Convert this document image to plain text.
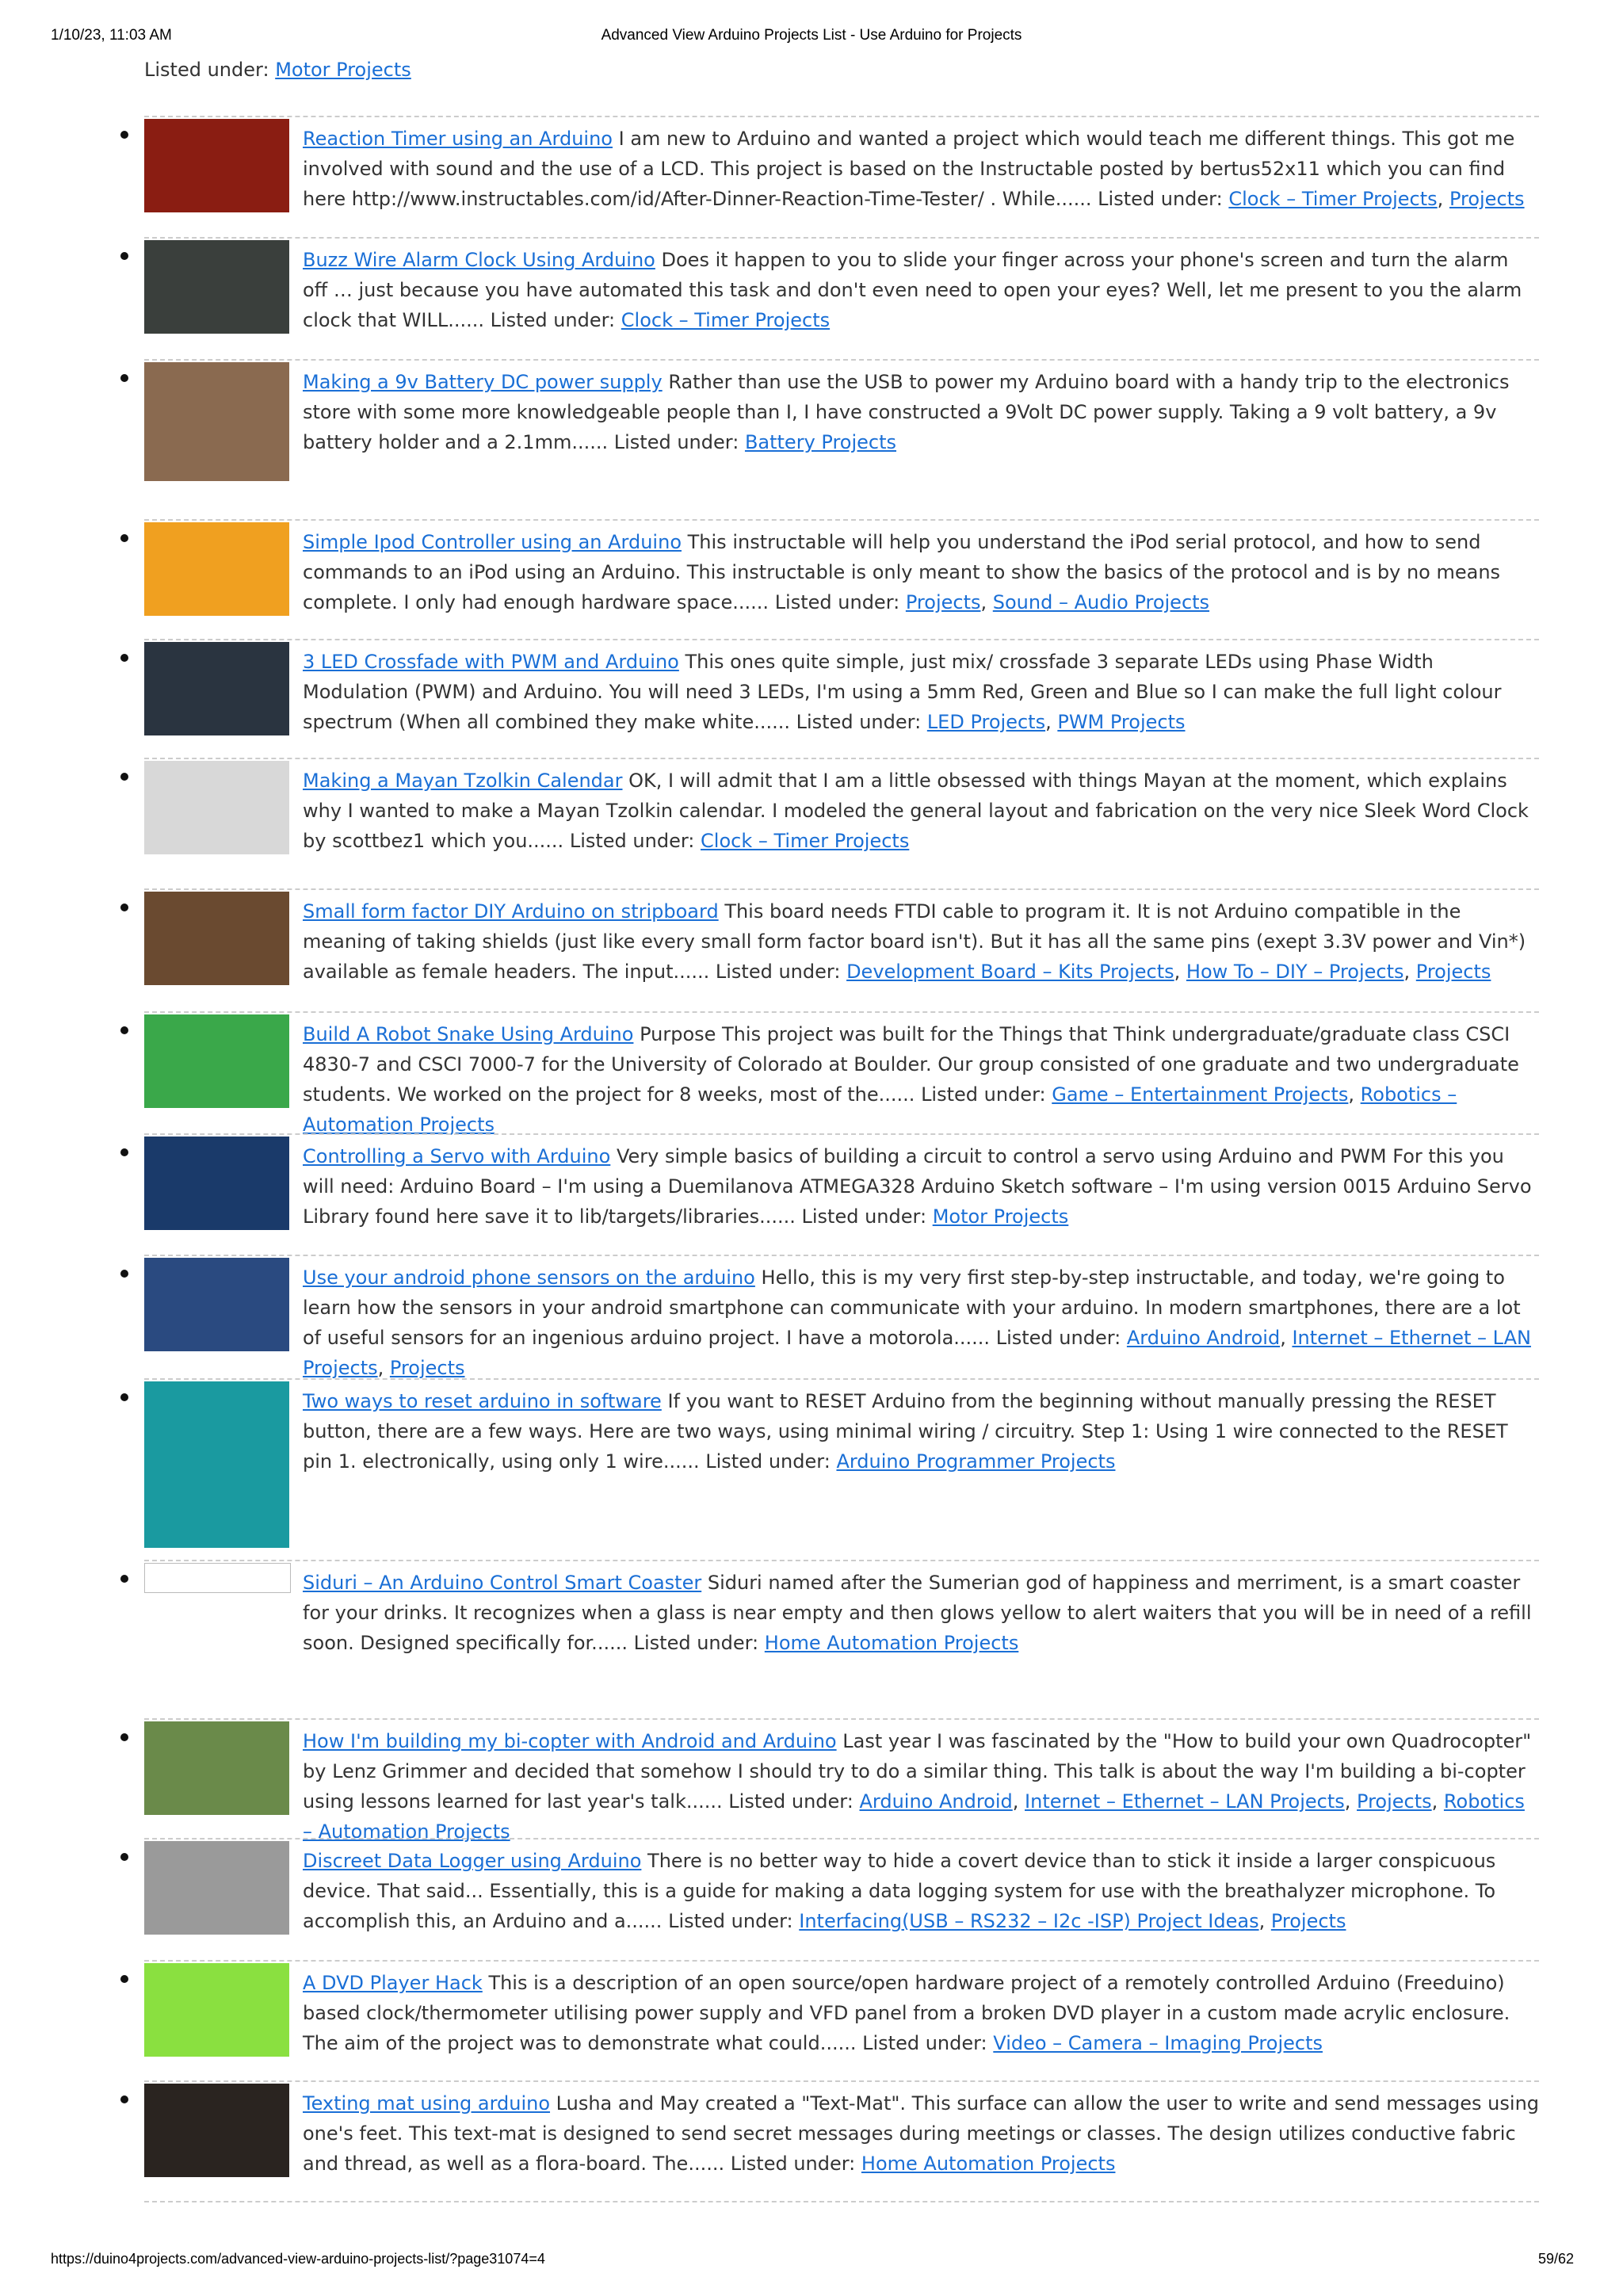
1/10/23, 11:03 AM	Advanced View Arduino Projects List - Use Arduino for Projects
Listed under: Motor Projects
Reaction Timer using an Arduino I am new to Arduino and wanted a project which would teach me different things. This got me involved with sound and the use of a LCD. This project is based on the Instructable posted by bertus52x11 which you can find here http://www.instructables.com/id/After-Dinner-Reaction-Time-Tester/ . While...... Listed under: Clock – Timer Projects, Projects
Buzz Wire Alarm Clock Using Arduino Does it happen to you to slide your finger across your phone's screen and turn the alarm off … just because you have automated this task and don't even need to open your eyes? Well, let me present to you the alarm clock that WILL...... Listed under: Clock – Timer Projects
Making a 9v Battery DC power supply Rather than use the USB to power my Arduino board with a handy trip to the electronics store with some more knowledgeable people than I, I have constructed a 9Volt DC power supply. Taking a 9 volt battery, a 9v battery holder and a 2.1mm...... Listed under: Battery Projects
Simple Ipod Controller using an Arduino This instructable will help you understand the iPod serial protocol, and how to send commands to an iPod using an Arduino. This instructable is only meant to show the basics of the protocol and is by no means complete. I only had enough hardware space...... Listed under: Projects, Sound – Audio Projects
3 LED Crossfade with PWM and Arduino This ones quite simple, just mix/ crossfade 3 separate LEDs using Phase Width Modulation (PWM) and Arduino. You will need 3 LEDs, I'm using a 5mm Red, Green and Blue so I can make the full light colour spectrum (When all combined they make white...... Listed under: LED Projects, PWM Projects
Making a Mayan Tzolkin Calendar OK, I will admit that I am a little obsessed with things Mayan at the moment, which explains why I wanted to make a Mayan Tzolkin calendar. I modeled the general layout and fabrication on the very nice Sleek Word Clock by scottbez1 which you...... Listed under: Clock – Timer Projects
Small form factor DIY Arduino on stripboard This board needs FTDI cable to program it. It is not Arduino compatible in the meaning of taking shields (just like every small form factor board isn't). But it has all the same pins (exept 3.3V power and Vin*) available as female headers. The input...... Listed under: Development Board – Kits Projects, How To – DIY – Projects, Projects
Build A Robot Snake Using Arduino Purpose This project was built for the Things that Think undergraduate/graduate class CSCI 4830-7 and CSCI 7000-7 for the University of Colorado at Boulder. Our group consisted of one graduate and two undergraduate students. We worked on the project for 8 weeks, most of the...... Listed under: Game – Entertainment Projects, Robotics – Automation Projects
Controlling a Servo with Arduino Very simple basics of building a circuit to control a servo using Arduino and PWM For this you will need: Arduino Board – I'm using a Duemilanova ATMEGA328 Arduino Sketch software – I'm using version 0015 Arduino Servo Library found here save it to lib/targets/libraries...... Listed under: Motor Projects
Use your android phone sensors on the arduino Hello, this is my very first step-by-step instructable, and today, we're going to learn how the sensors in your android smartphone can communicate with your arduino. In modern smartphones, there are a lot of useful sensors for an ingenious arduino project. I have a motorola...... Listed under: Arduino Android, Internet – Ethernet – LAN Projects, Projects
Two ways to reset arduino in software If you want to RESET Arduino from the beginning without manually pressing the RESET button, there are a few ways. Here are two ways, using minimal wiring / circuitry. Step 1: Using 1 wire connected to the RESET pin 1. electronically, using only 1 wire...... Listed under: Arduino Programmer Projects
Siduri – An Arduino Control Smart Coaster Siduri named after the Sumerian god of happiness and merriment, is a smart coaster for your drinks. It recognizes when a glass is near empty and then glows yellow to alert waiters that you will be in need of a refill soon. Designed specifically for...... Listed under: Home Automation Projects
How I'm building my bi-copter with Android and Arduino Last year I was fascinated by the "How to build your own Quadrocopter" by Lenz Grimmer and decided that somehow I should try to do a similar thing. This talk is about the way I'm building a bi-copter using lessons learned for last year's talk...... Listed under: Arduino Android, Internet – Ethernet – LAN Projects, Projects, Robotics – Automation Projects
Discreet Data Logger using Arduino There is no better way to hide a covert device than to stick it inside a larger conspicuous device. That said... Essentially, this is a guide for making a data logging system for use with the breathalyzer microphone. To accomplish this, an Arduino and a...... Listed under: Interfacing(USB – RS232 – I2c -ISP) Project Ideas, Projects
A DVD Player Hack This is a description of an open source/open hardware project of a remotely controlled Arduino (Freeduino) based clock/thermometer utilising power supply and VFD panel from a broken DVD player in a custom made acrylic enclosure. The aim of the project was to demonstrate what could...... Listed under: Video – Camera – Imaging Projects
Texting mat using arduino Lusha and May created a "Text-Mat". This surface can allow the user to write and send messages using one's feet. This text-mat is designed to send secret messages during meetings or classes. The design utilizes conductive fabric and thread, as well as a flora-board. The...... Listed under: Home Automation Projects
https://duino4projects.com/advanced-view-arduino-projects-list/?page31074=4	59/62
